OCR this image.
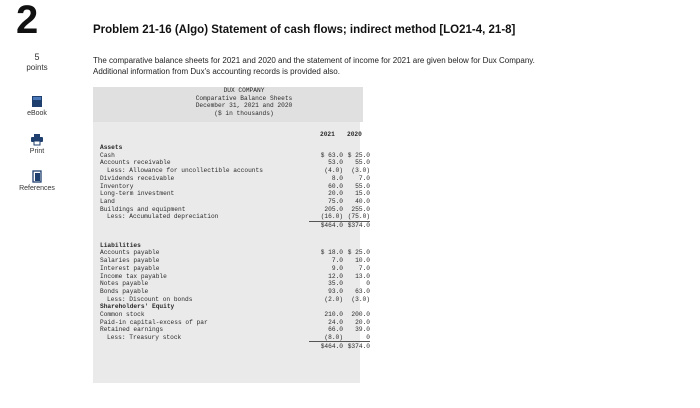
2
5
points
eBook
Print
References
Problem 21-16 (Algo) Statement of cash flows; indirect method [LO21-4, 21-8]
The comparative balance sheets for 2021 and 2020 and the statement of income for 2021 are given below for Dux Company.
Additional information from Dux's accounting records is provided also.
DUX COMPANY
Comparative Balance Sheets
December 31, 2021 and 2020
($ in thousands)
2021 2020
Assets
Cash	$ 63.0 $ 25.0
Accounts receivable	53.0	55.0
Less: Allowance for uncollectible accounts	(4.0)	(3.0)
Dividends receivable	8.0	7.0
Inventory	60.0	55.0
Long-term investment	20.0	15.0
Land	75.0	40.0
Buildings and equipment	205.0	255.0
Less: Accumulated depreciation	(16.0) (75.0)
$464.0 $374.0
Liabilities
Accounts payable	$ 18.0 $ 25.0
Salaries payable	7.0	10.0
Interest payable	9.0	7.0
Income tax payable	12.0	13.0
Notes payable	35.0	0
Bonds payable	93.0	63.0
Less: Discount on bonds	(2.0)	(3.0)
Shareholders' Equity
Common stock	210.0	200.0
Paid-in capital-excess of par	24.0	20.0
Retained earnings	66.0	39.0
Less: Treasury stock	(8.0)	0
$464.0 $374.0
